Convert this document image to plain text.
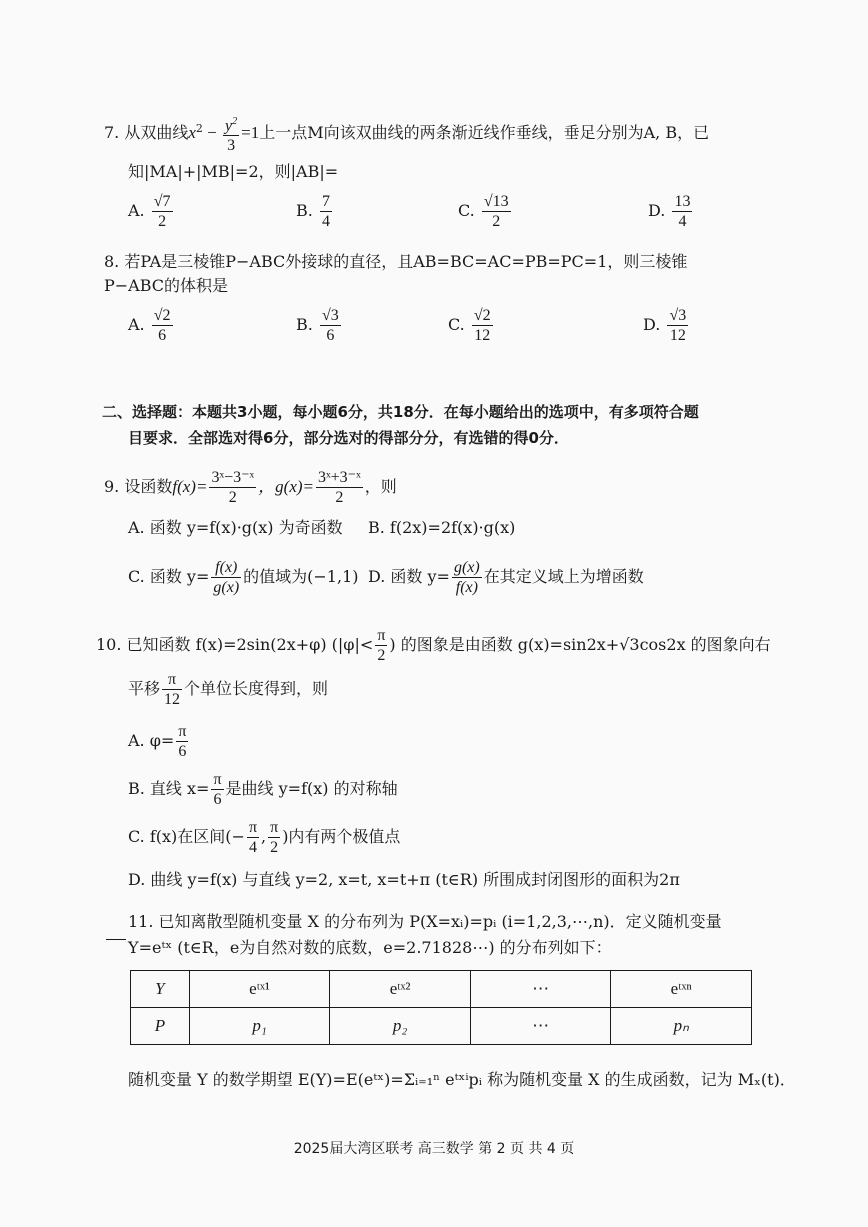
7. 从双曲线$x^2 - \frac{y^2}{3} =1$上一点M向该双曲线的两条渐近线作垂线，垂足分别为A, B，已
知|MA|+|MB|=2，则|AB|=
A. $\frac{√7}{2}$	B. $\frac{7}{4}$	C. $\frac{√13}{2}$	D. $\frac{13}{4}$
8. 若PA是三棱锥P−ABC外接球的直径，且AB=BC=AC=PB=PC=1，则三棱锥
P−ABC的体积是
A. $\frac{√2}{6}$	B. $\frac{√3}{6}$	C. $\frac{√2}{12}$	D. $\frac{√3}{12}$
二、选择题：本题共3小题，每小题6分，共18分．在每小题给出的选项中，有多项符合题
目要求．全部选对得6分，部分选对的得部分分，有选错的得0分．
9. 设函数$f(x)= \frac{\text{3ˣ−3⁻ˣ}}{2}$ ，$g(x)= \frac{\text{3ˣ+3⁻ˣ}}{2}$ ，则
A. 函数 y=f(x)·g(x) 为奇函数 B. f(2x)=2f(x)·g(x)
C. 函数 $y= \frac{f(x)}{g(x)}$ 的值域为(−1,1) D. 函数 $y= \frac{g(x)}{f(x)}$ 在其定义域上为增函数
10. 已知函数 f(x)=2sin(2x+φ) ($|\varphi|< \frac{\pi}{2}$ ) 的图象是由函数 g(x)=sin2x+√3cos2x 的图象向右
平移 $\frac{\pi}{12}$ 个单位长度得到，则
A. $\varphi= \frac{\pi}{6}$
B. 直线 $x= \frac{\pi}{6}$ 是曲线 y=f(x) 的对称轴
C. f(x)在区间(− $\frac{\pi}{4}$ , $\frac{\pi}{2}$ )内有两个极值点
D. 曲线 y=f(x) 与直线 y=2, x=t, x=t+π (t∈R) 所围成封闭图形的面积为2π
11. 已知离散型随机变量 X 的分布列为 P(X=xᵢ)=pᵢ (i=1,2,3,⋯,n)．定义随机变量
Y=eᵗˣ (t∈R，e为自然对数的底数，e=2.71828⋯) 的分布列如下：
Y	eᵗˣ¹	eᵗˣ²	⋯	eᵗˣⁿ
P	p₁	p₂	⋯	pₙ
随机变量 Y 的数学期望 E(Y)=E(eᵗˣ)=Σᵢ₌₁ⁿ eᵗˣⁱpᵢ 称为随机变量 X 的生成函数，记为 Mₓ(t)．
2025届大湾区联考 高三数学 第 2 页 共 4 页
